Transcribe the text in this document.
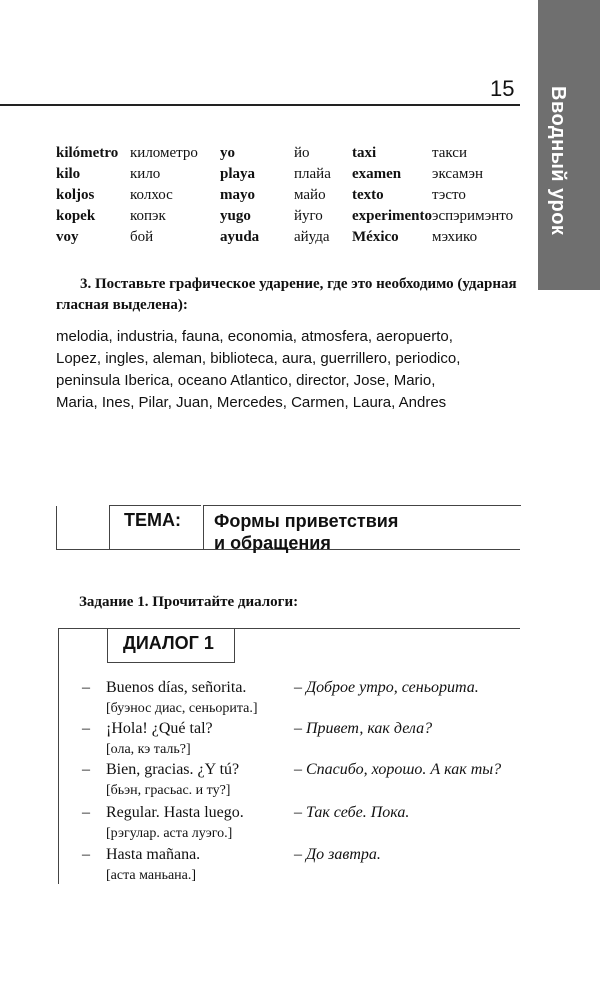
15 Вводный урок
kilómetro километро yo	йо	taxi	такси
kilo	кило	playa	плайа examen эксамэн
koljos колхос	mayo	майо texto	тэсто
kopek копэк	yugo	йуго experimento эспэримэнто
voy	бой	ayuda айуда México мэхико
3. Поставьте графическое ударение, где это необходимо (ударная гласная выделена):
melodia, industria, fauna, economia, atmosfera, aeropuerto,
Lopez, ingles, aleman, biblioteca, aura, guerrillero, periodico,
peninsula Iberica, oceano Atlantico, director, Jose, Mario,
Maria, Ines, Pilar, Juan, Mercedes, Carmen, Laura, Andres
ТЕМА: Формы приветствия
и обращения
Задание 1. Прочитайте диалоги:
ДИАЛОГ 1
– Buenos días, señorita.	– Доброе утро, сеньорита.
[буэнос диас, сеньорита.]
– ¡Hola! ¿Qué tal?	– Привет, как дела?
[ола, кэ таль?]
– Bien, gracias. ¿Y tú?	– Спасибо, хорошо. А как ты?
[бьэн, грасьас. и ту?]
– Regular. Hasta luego.	– Так себе. Пока.
[рэгулар. аста луэго.]
– Hasta mañana.	– До завтра.
[аста маньана.]
